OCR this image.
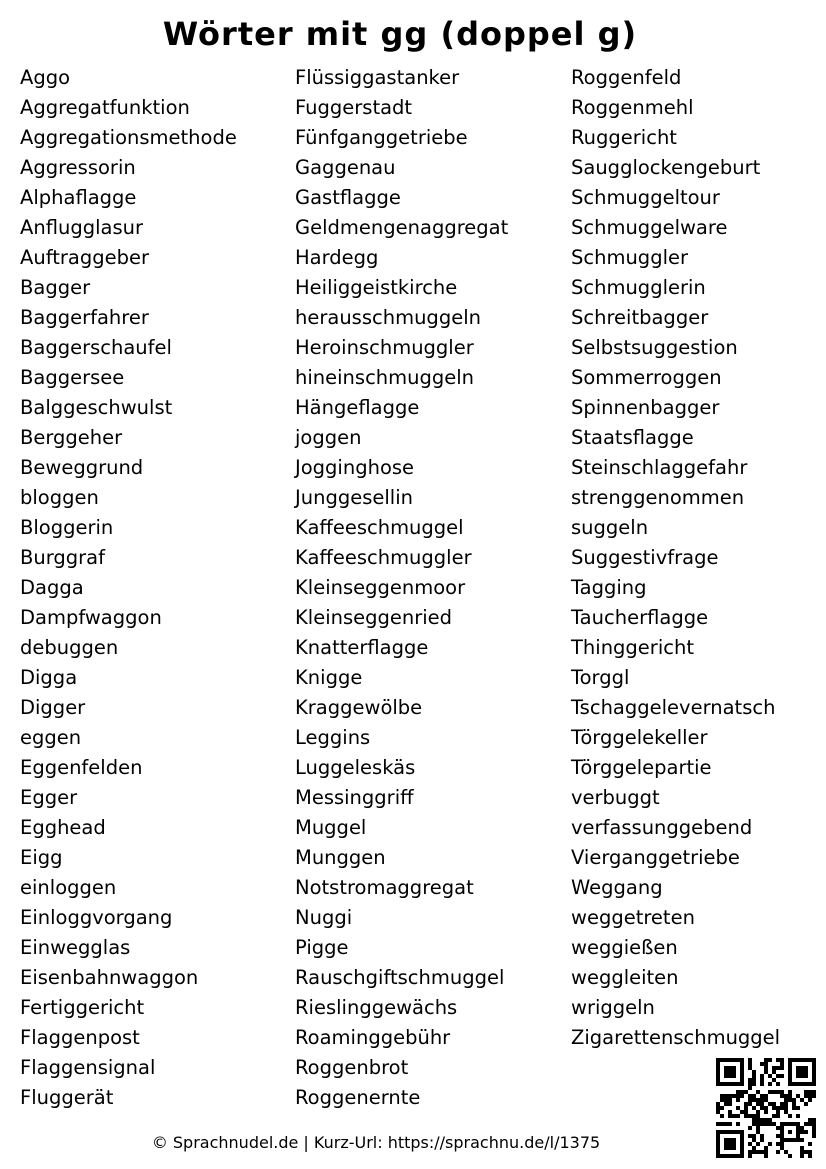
Wörter mit gg (doppel g)
Aggo
Aggregatfunktion
Aggregationsmethode
Aggressorin
Alphaflagge
Anflugglasur
Auftraggeber
Bagger
Baggerfahrer
Baggerschaufel
Baggersee
Balggeschwulst
Berggeher
Beweggrund
bloggen
Bloggerin
Burggraf
Dagga
Dampfwaggon
debuggen
Digga
Digger
eggen
Eggenfelden
Egger
Egghead
Eigg
einloggen
Einloggvorgang
Einwegglas
Eisenbahnwaggon
Fertiggericht
Flaggenpost
Flaggensignal
Fluggerät
Flüssiggastanker
Fuggerstadt
Fünfganggetriebe
Gaggenau
Gastflagge
Geldmengenaggregat
Hardegg
Heiliggeistkirche
herausschmuggeln
Heroinschmuggler
hineinschmuggeln
Hängeflagge
joggen
Jogginghose
Junggesellin
Kaffeeschmuggel
Kaffeeschmuggler
Kleinseggenmoor
Kleinseggenried
Knatterflagge
Knigge
Kraggewölbe
Leggins
Luggeleskäs
Messinggriff
Muggel
Munggen
Notstromaggregat
Nuggi
Pigge
Rauschgiftschmuggel
Rieslinggewächs
Roaminggebühr
Roggenbrot
Roggenernte
Roggenfeld
Roggenmehl
Ruggericht
Saugglockengeburt
Schmuggeltour
Schmuggelware
Schmuggler
Schmugglerin
Schreitbagger
Selbstsuggestion
Sommerroggen
Spinnenbagger
Staatsflagge
Steinschlaggefahr
strenggenommen
suggeln
Suggestivfrage
Tagging
Taucherflagge
Thinggericht
Torggl
Tschaggelevernatsch
Törggelekeller
Törggelepartie
verbuggt
verfassunggebend
Vierganggetriebe
Weggang
weggetreten
weggießen
weggleiten
wriggeln
Zigarettenschmuggel
© Sprachnudel.de | Kurz-Url: https://sprachnu.de/l/1375
